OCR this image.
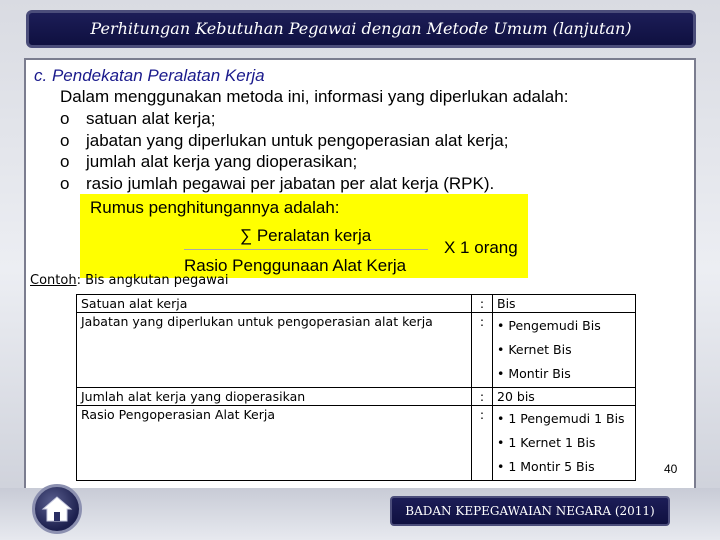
Perhitungan Kebutuhan Pegawai dengan Metode Umum (lanjutan)
c. Pendekatan Peralatan Kerja
Dalam menggunakan metoda ini, informasi yang diperlukan adalah:
o satuan alat kerja;
o jabatan yang diperlukan untuk pengoperasian alat kerja;
o jumlah alat kerja yang dioperasikan;
o rasio jumlah pegawai per jabatan per alat kerja (RPK).
Rumus penghitungannya adalah:
∑ Peralatan kerja
Rasio Penggunaan Alat Kerja
X 1 orang
Contoh: Bis angkutan pegawai
Satuan alat kerja	:	Bis

Jabatan yang diperlukan untuk pengoperasian alat kerja	:	• Pengemudi Bis
• Kernet Bis
• Montir Bis

Jumlah alat kerja yang dioperasikan	:	20 bis

Rasio Pengoperasian Alat Kerja	:	• 1 Pengemudi 1 Bis
• 1 Kernet 1 Bis
• 1 Montir 5 Bis	40
BADAN KEPEGAWAIAN NEGARA (2011)
